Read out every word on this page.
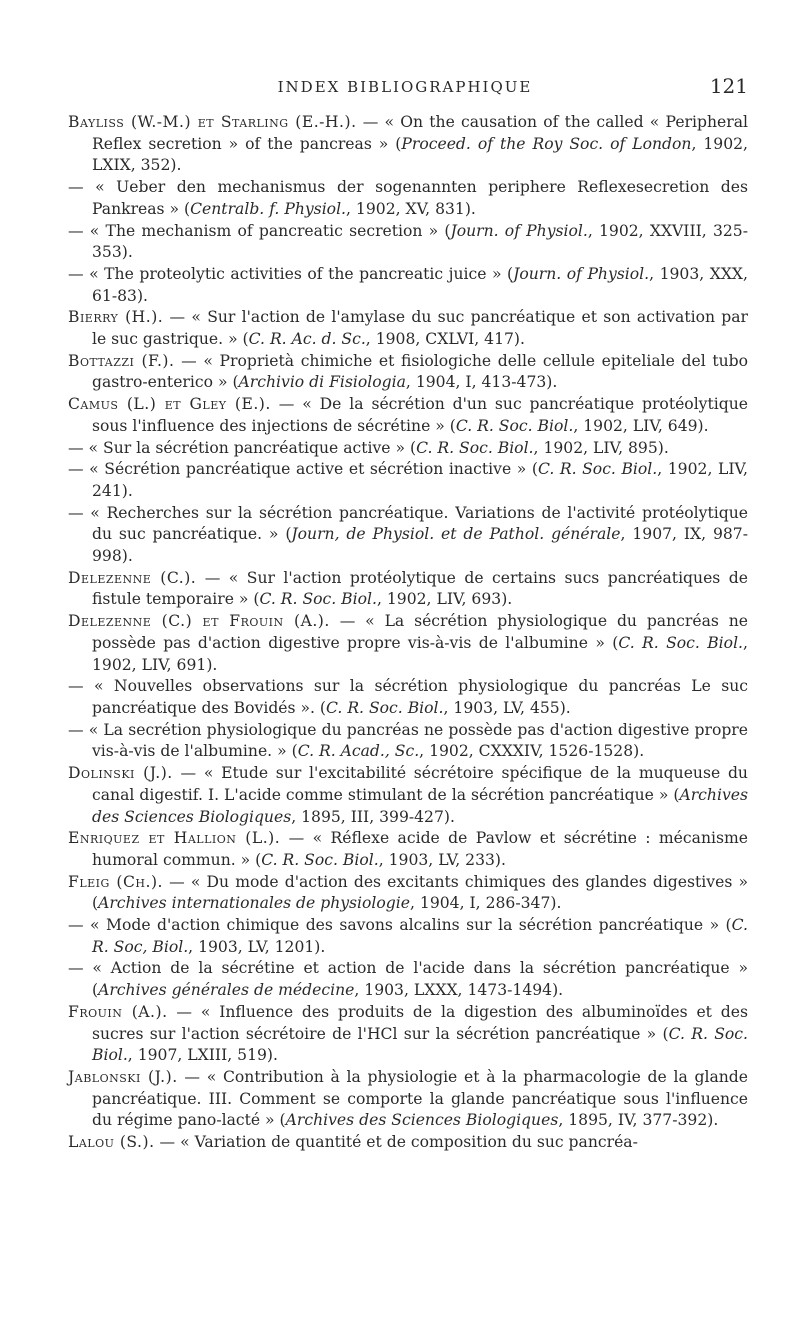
INDEX BIBLIOGRAPHIQUE	121

Bayliss (W.-M.) et Starling (E.-H.). — « On the causation of the called « Peripheral Reflex secretion » of the pancreas » (Proceed. of the Roy Soc. of London, 1902, LXIX, 352).

— « Ueber den mechanismus der sogenannten periphere Reflexesecretion des Pankreas » (Centralb. f. Physiol., 1902, XV, 831).

— « The mechanism of pancreatic secretion » (Journ. of Physiol., 1902, XXVIII, 325-353).

— « The proteolytic activities of the pancreatic juice » (Journ. of Physiol., 1903, XXX, 61-83).

Bierry (H.). — « Sur l'action de l'amylase du suc pancréatique et son activation par le suc gastrique. » (C. R. Ac. d. Sc., 1908, CXLVI, 417).

Bottazzi (F.). — « Proprietà chimiche et fisiologiche delle cellule epiteliale del tubo gastro-enterico » (Archivio di Fisiologia, 1904, I, 413-473).

Camus (L.) et Gley (E.). — « De la sécrétion d'un suc pancréatique protéolytique sous l'influence des injections de sécrétine » (C. R. Soc. Biol., 1902, LIV, 649).

— « Sur la sécrétion pancréatique active » (C. R. Soc. Biol., 1902, LIV, 895).

— « Sécrétion pancréatique active et sécrétion inactive » (C. R. Soc. Biol., 1902, LIV, 241).

— « Recherches sur la sécrétion pancréatique. Variations de l'activité protéolytique du suc pancréatique. » (Journ, de Physiol. et de Pathol. générale, 1907, IX, 987-998).

Delezenne (C.). — « Sur l'action protéolytique de certains sucs pancréatiques de fistule temporaire » (C. R. Soc. Biol., 1902, LIV, 693).

Delezenne (C.) et Frouin (A.). — « La sécrétion physiologique du pancréas ne possède pas d'action digestive propre vis-à-vis de l'albumine » (C. R. Soc. Biol., 1902, LIV, 691).

— « Nouvelles observations sur la sécrétion physiologique du pancréas Le suc pancréatique des Bovidés ». (C. R. Soc. Biol., 1903, LV, 455).

— « La secrétion physiologique du pancréas ne possède pas d'action digestive propre vis-à-vis de l'albumine. » (C. R. Acad., Sc., 1902, CXXXIV, 1526-1528).

Dolinski (J.). — « Etude sur l'excitabilité sécrétoire spécifique de la muqueuse du canal digestif. I. L'acide comme stimulant de la sécrétion pancréatique » (Archives des Sciences Biologiques, 1895, III, 399-427).

Enriquez et Hallion (L.). — « Réflexe acide de Pavlow et sécrétine : mécanisme humoral commun. » (C. R. Soc. Biol., 1903, LV, 233).

Fleig (Ch.). — « Du mode d'action des excitants chimiques des glandes digestives » (Archives internationales de physiologie, 1904, I, 286-347).

— « Mode d'action chimique des savons alcalins sur la sécrétion pancréatique » (C. R. Soc, Biol., 1903, LV, 1201).

— « Action de la sécrétine et action de l'acide dans la sécrétion pancréatique » (Archives générales de médecine, 1903, LXXX, 1473-1494).

Frouin (A.). — « Influence des produits de la digestion des albuminoïdes et des sucres sur l'action sécrétoire de l'HCl sur la sécrétion pancréatique » (C. R. Soc. Biol., 1907, LXIII, 519).

Jablonski (J.). — « Contribution à la physiologie et à la pharmacologie de la glande pancréatique. III. Comment se comporte la glande pancréatique sous l'influence du régime pano-lacté » (Archives des Sciences Biologiques, 1895, IV, 377-392).

Lalou (S.). — « Variation de quantité et de composition du suc pancréa-
